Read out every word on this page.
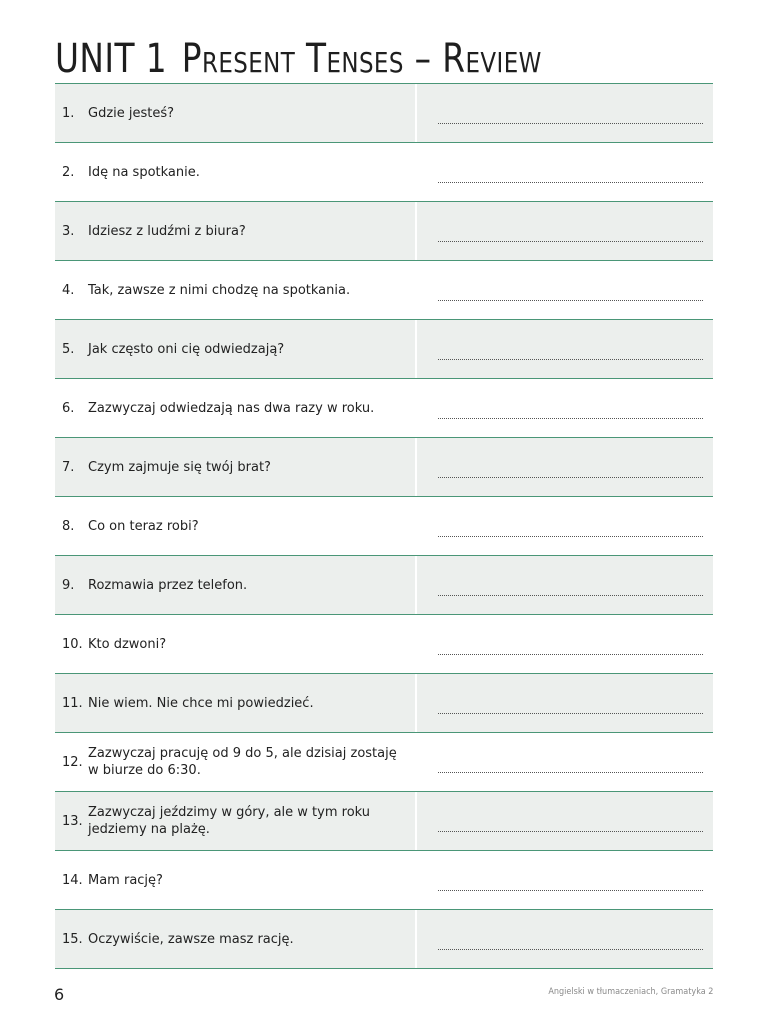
UNIT 1 Present Tenses – Review
1.	Gdzie jesteś?
2.	Idę na spotkanie.
3.	Idziesz z ludźmi z biura?
4.	Tak, zawsze z nimi chodzę na spotkania.
5.	Jak często oni cię odwiedzają?
6.	Zazwyczaj odwiedzają nas dwa razy w roku.
7.	Czym zajmuje się twój brat?
8.	Co on teraz robi?
9.	Rozmawia przez telefon.
10. Kto dzwoni?
11. Nie wiem. Nie chce mi powiedzieć.
12.
Zazwyczaj pracuję od 9 do 5, ale dzisiaj zostaję w biurze do 6:30.
13.
Zazwyczaj jeździmy w góry, ale w tym roku jedziemy na plażę.
14. Mam rację?
15. Oczywiście, zawsze masz rację.
6	Angielski w tłumaczeniach, Gramatyka 2
